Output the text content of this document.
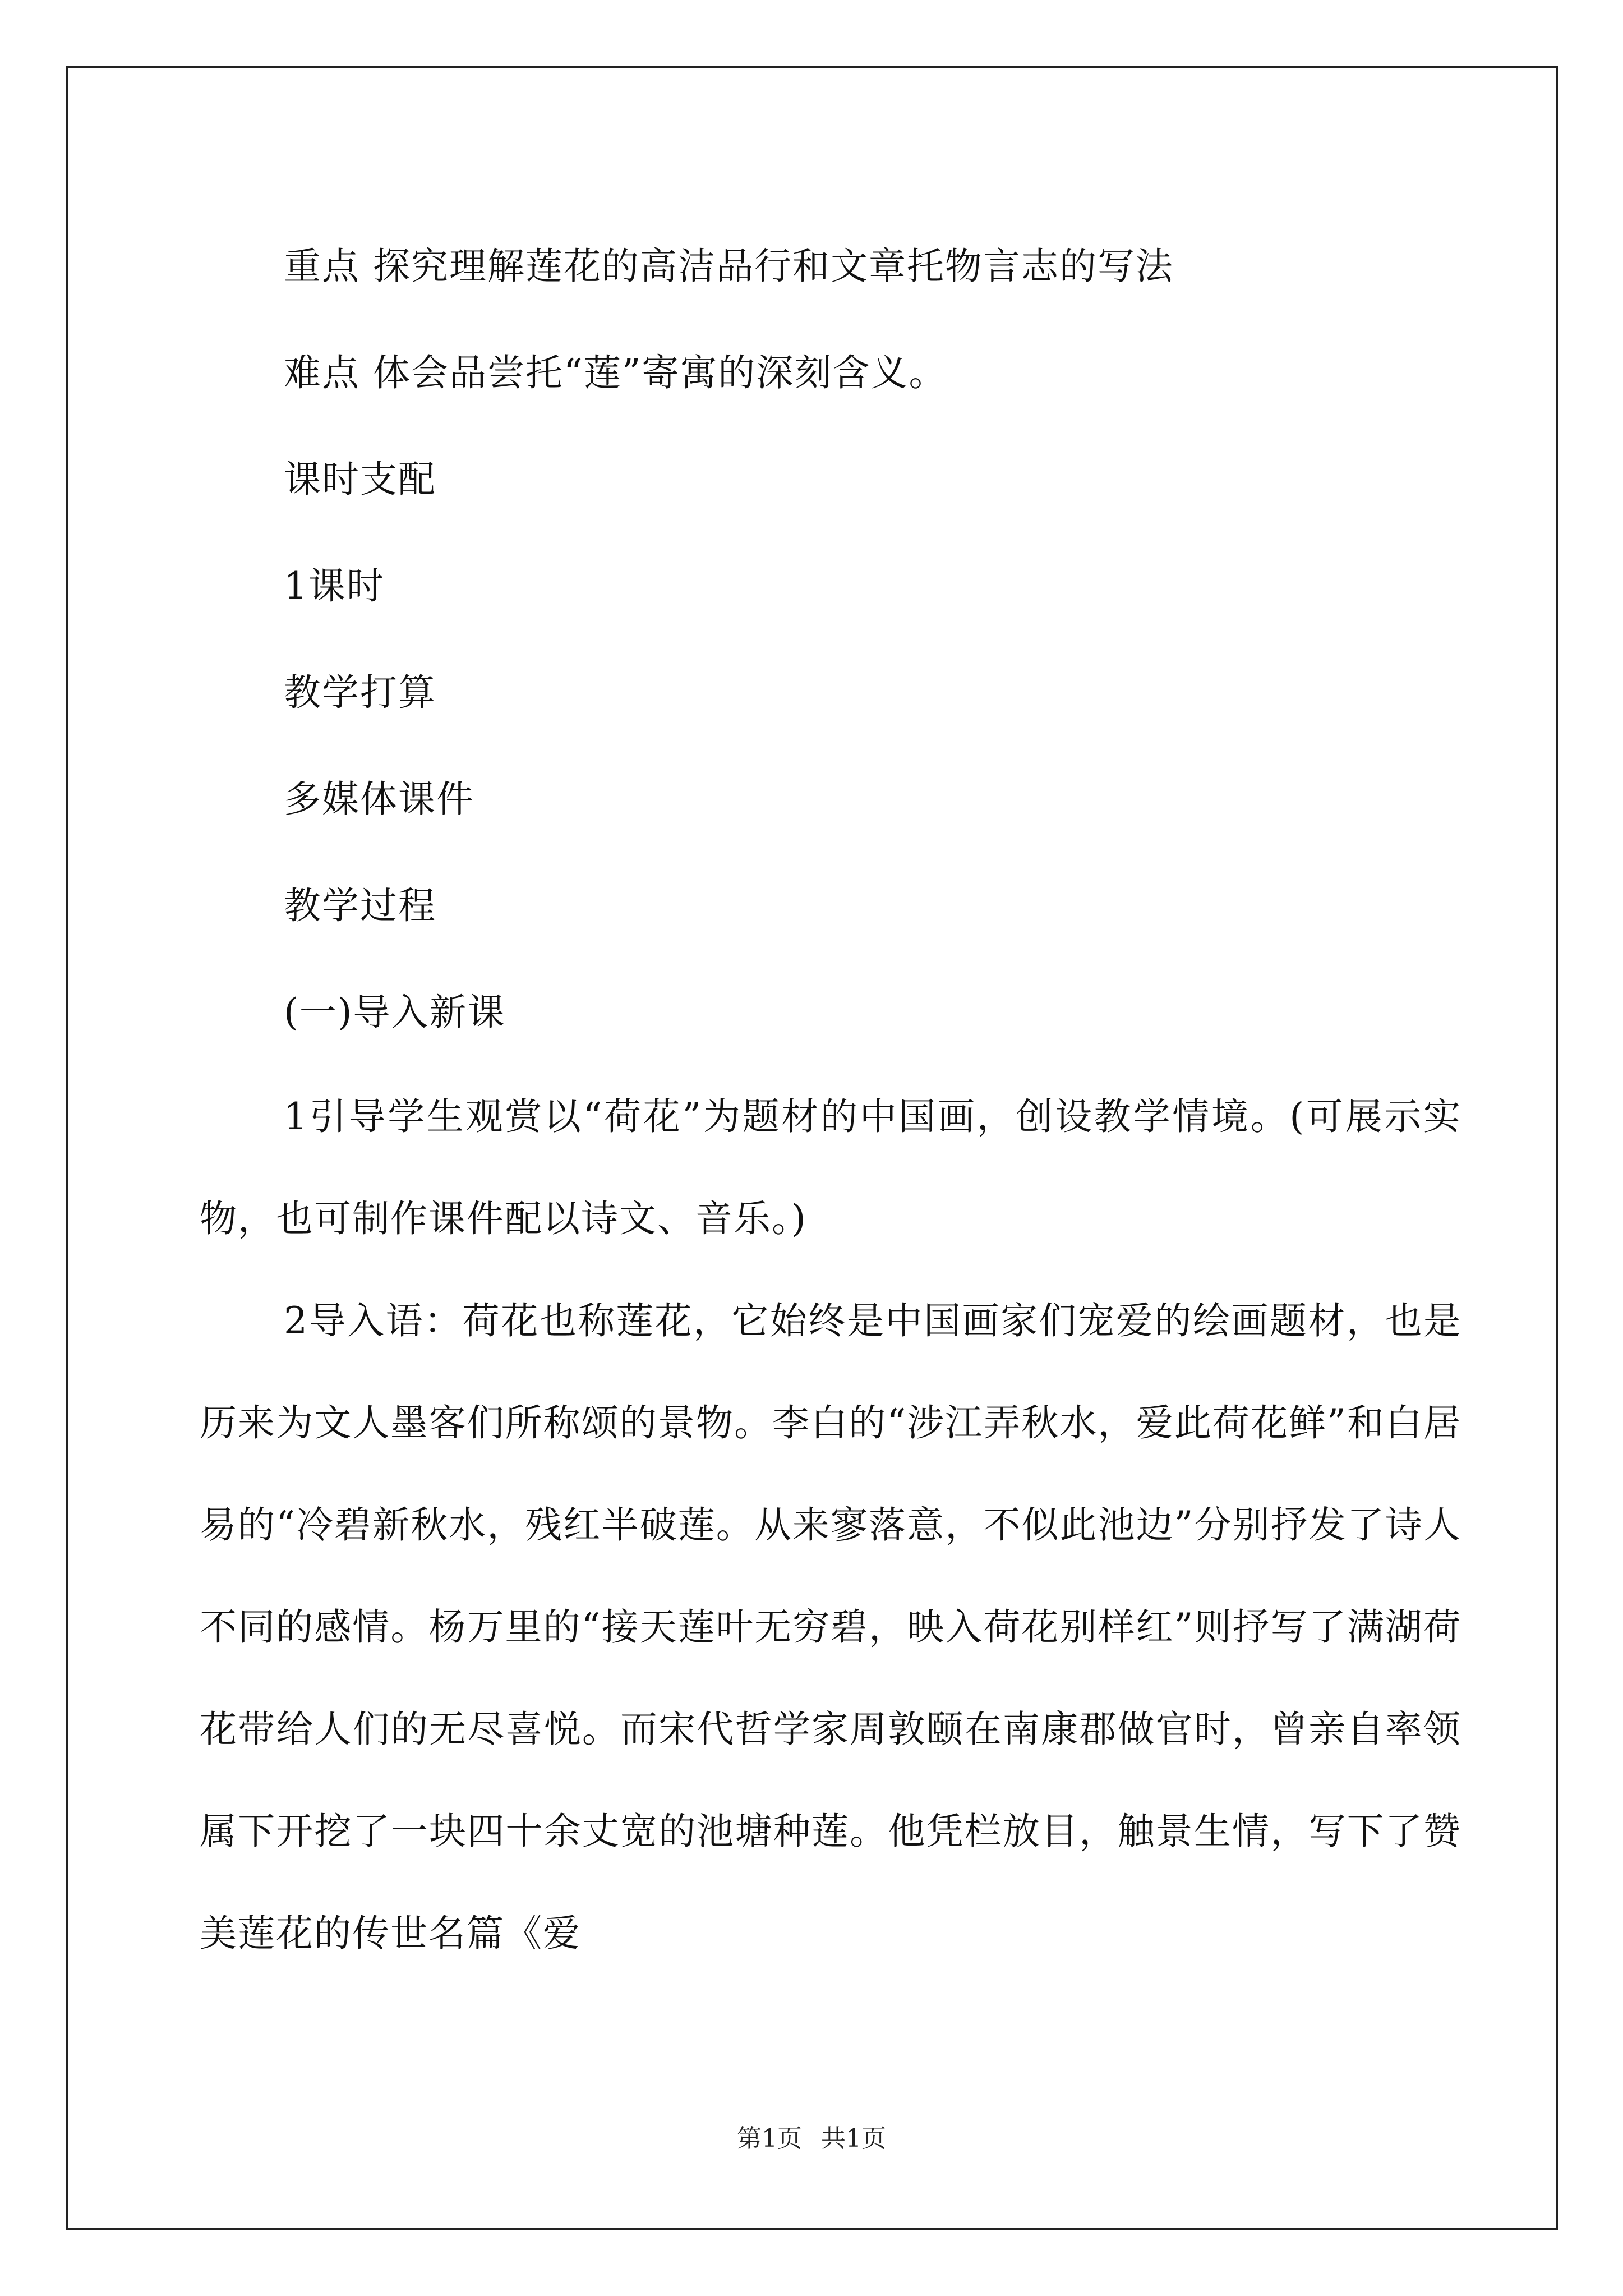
重点 探究理解莲花的高洁品行和文章托物言志的写法

难点 体会品尝托“莲”寄寓的深刻含义。

课时支配

1课时

教学打算

多媒体课件

教学过程

(一)导入新课

1引导学生观赏以“荷花”为题材的中国画，创设教学情境。(可展示实物，也可制作课件配以诗文、音乐。)

2导入语：荷花也称莲花，它始终是中国画家们宠爱的绘画题材，也是历来为文人墨客们所称颂的景物。李白的“涉江弄秋水，爱此荷花鲜”和白居易的“冷碧新秋水，残红半破莲。从来寥落意，不似此池边”分别抒发了诗人不同的感情。杨万里的“接天莲叶无穷碧，映入荷花别样红”则抒写了满湖荷花带给人们的无尽喜悦。而宋代哲学家周敦颐在南康郡做官时，曾亲自率领属下开挖了一块四十余丈宽的池塘种莲。他凭栏放目，触景生情，写下了赞美莲花的传世名篇《爱

第1页 共1页
